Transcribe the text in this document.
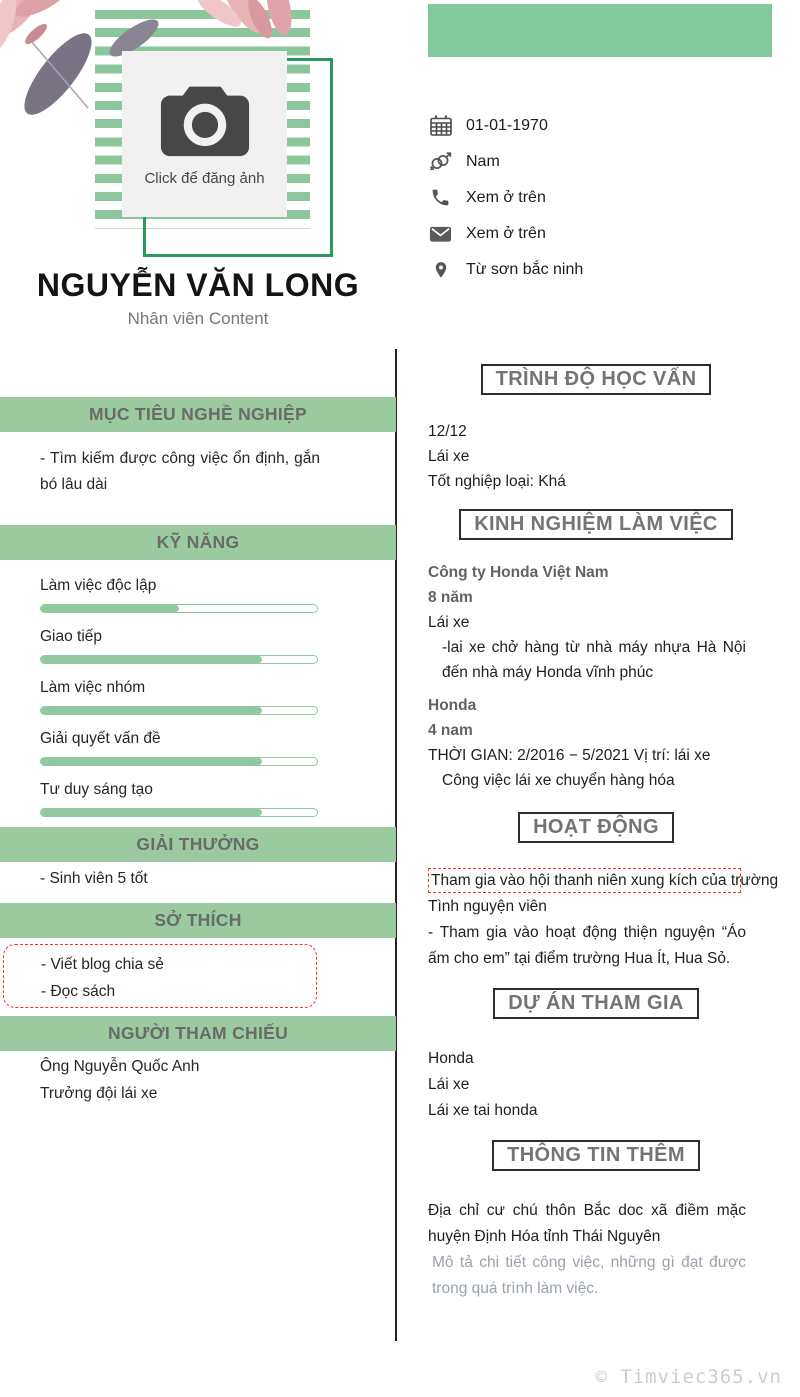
Click để đăng ảnh
NGUYỄN VĂN LONG
Nhân viên Content
01-01-1970
Nam
Xem ở trên
Xem ở trên
Từ sơn bắc ninh
MỤC TIÊU NGHỀ NGHIỆP
- Tìm kiếm được công việc ổn định, gắn bó lâu dài
KỸ NĂNG
Làm việc độc lập
Giao tiếp
Làm việc nhóm
Giải quyết vấn đề
Tư duy sáng tạo
GIẢI THƯỞNG
- Sinh viên 5 tốt
SỞ THÍCH
- Viết blog chia sẻ
- Đọc sách
NGƯỜI THAM CHIẾU
Ông Nguyễn Quốc Anh
Trưởng đội lái xe
TRÌNH ĐỘ HỌC VẤN
12/12
Lái xe
Tốt nghiệp loại: Khá
KINH NGHIỆM LÀM VIỆC
Công ty Honda Việt Nam
8 năm
Lái xe
-lai xe chở hàng từ nhà máy nhựa Hà Nội đến nhà máy Honda vĩnh phúc
Honda
4 nam
THỜI GIAN: 2/2016 − 5/2021 Vị trí: lái xe
Công việc lái xe chuyển hàng hóa
HOẠT ĐỘNG
Tham gia vào hội thanh niên xung kích của trường
Tình nguyện viên
- Tham gia vào hoạt động thiện nguyện “Áo ấm cho em” tại điểm trường Hua Ít, Hua Sỏ.
DỰ ÁN THAM GIA
Honda
Lái xe
Lái xe tai honda
THÔNG TIN THÊM
Địa chỉ cư chú thôn Bắc doc xã điềm mặc huyện Định Hóa tỉnh Thái Nguyên
Mô tả chi tiết công việc, những gì đạt được trong quá trình làm việc.
© Timviec365.vn
